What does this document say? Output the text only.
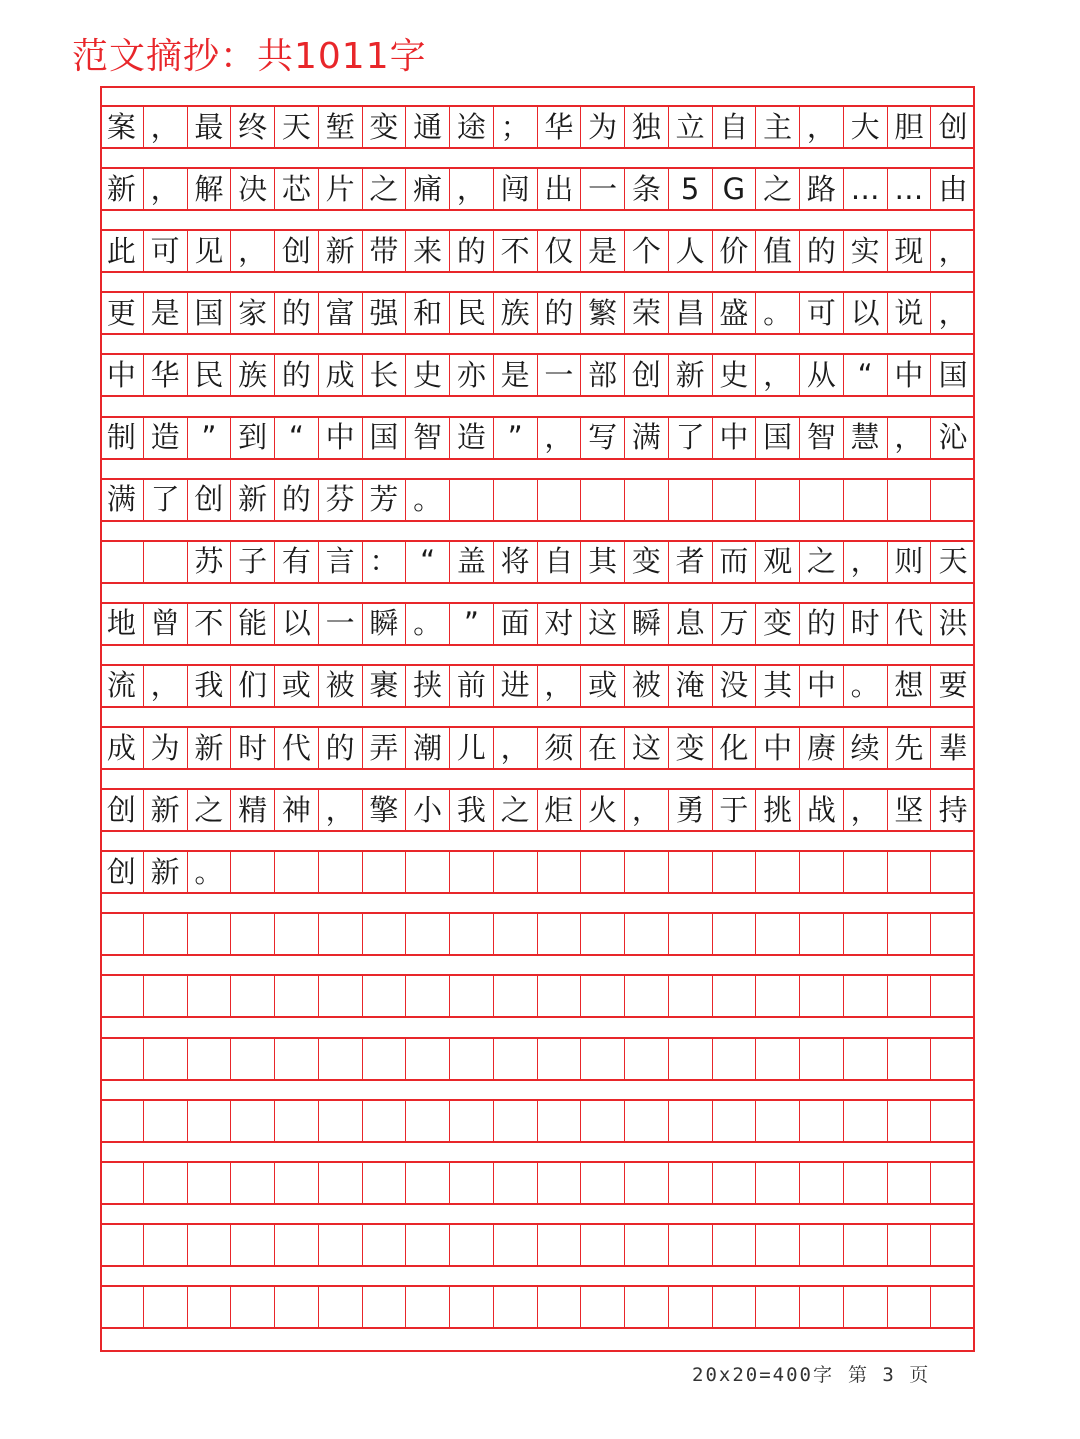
范文摘抄：共1011字
案 ， 最 终 天 堑 变 通 途 ； 华 为 独 立 自 主 ， 大 胆 创
新 ， 解 决 芯 片 之 痛 ， 闯 出 一 条 5 G 之 路 … … 由
此 可 见 ， 创 新 带 来 的 不 仅 是 个 人 价 值 的 实 现 ，
更 是 国 家 的 富 强 和 民 族 的 繁 荣 昌 盛 。 可 以 说 ，
中 华 民 族 的 成 长 史 亦 是 一 部 创 新 史 ， 从 “ 中 国
制 造 ” 到 “ 中 国 智 造 ” ， 写 满 了 中 国 智 慧 ， 沁
满 了 创 新 的 芬 芳 。
苏 子 有 言 ： “ 盖 将 自 其 变 者 而 观 之 ， 则 天
地 曾 不 能 以 一 瞬 。 ” 面 对 这 瞬 息 万 变 的 时 代 洪
流 ， 我 们 或 被 裹 挟 前 进 ， 或 被 淹 没 其 中 。 想 要
成 为 新 时 代 的 弄 潮 儿 ， 须 在 这 变 化 中 赓 续 先 辈
创 新 之 精 神 ， 擎 小 我 之 炬 火 ， 勇 于 挑 战 ， 坚 持
创 新 。
20x20=400字 第 3 页
